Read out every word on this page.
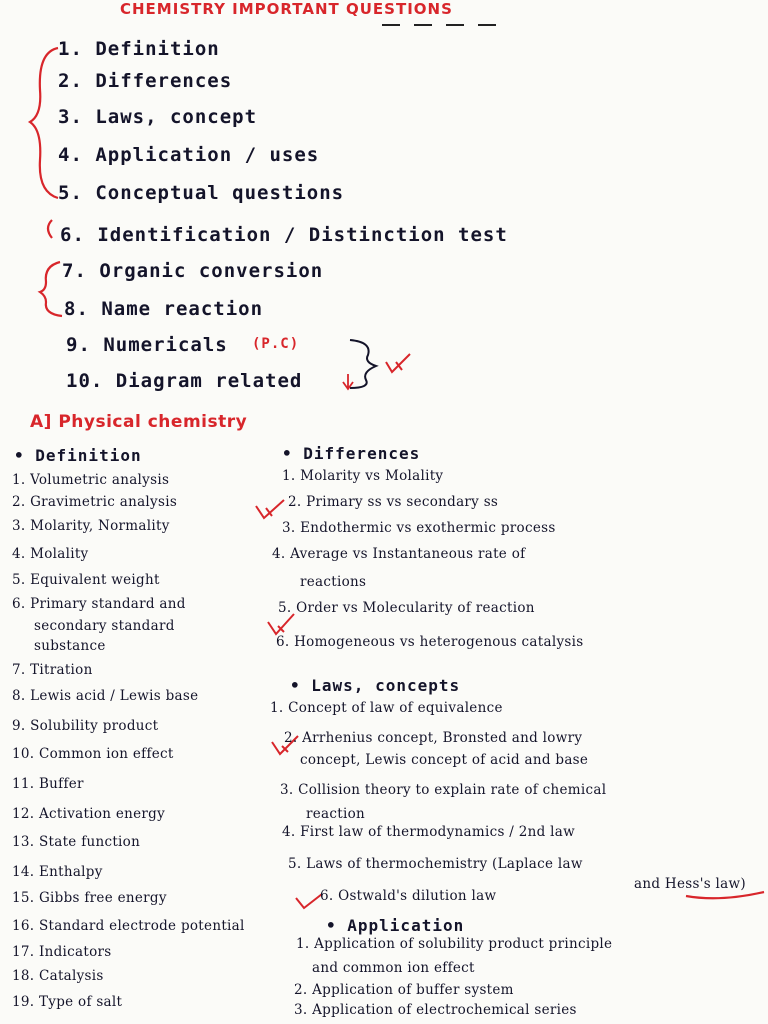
CHEMISTRY IMPORTANT QUESTIONS
1. Definition
2. Differences
3. Laws, concept
4. Application / uses
5. Conceptual questions
6. Identification / Distinction test
7. Organic conversion
8. Name reaction
9. Numericals (P.C)
10. Diagram related
A] Physical chemistry
• Definition
1. Volumetric analysis
2. Gravimetric analysis
3. Molarity, Normality
4. Molality
5. Equivalent weight
6. Primary standard and
secondary standard
substance
7. Titration
8. Lewis acid / Lewis base
9. Solubility product
10. Common ion effect
11. Buffer
12. Activation energy
13. State function
14. Enthalpy
15. Gibbs free energy
16. Standard electrode potential
17. Indicators
18. Catalysis
19. Type of salt
• Differences
1. Molarity vs Molality
2. Primary ss vs secondary ss
3. Endothermic vs exothermic process
4. Average vs Instantaneous rate of
reactions
5. Order vs Molecularity of reaction
6. Homogeneous vs heterogenous catalysis
• Laws, concepts
1. Concept of law of equivalence
2. Arrhenius concept, Bronsted and lowry
concept, Lewis concept of acid and base
3. Collision theory to explain rate of chemical
reaction
4. First law of thermodynamics / 2nd law
5. Laws of thermochemistry (Laplace law
and Hess's law)
6. Ostwald's dilution law
• Application
1. Application of solubility product principle
and common ion effect
2. Application of buffer system
3. Application of electrochemical series
